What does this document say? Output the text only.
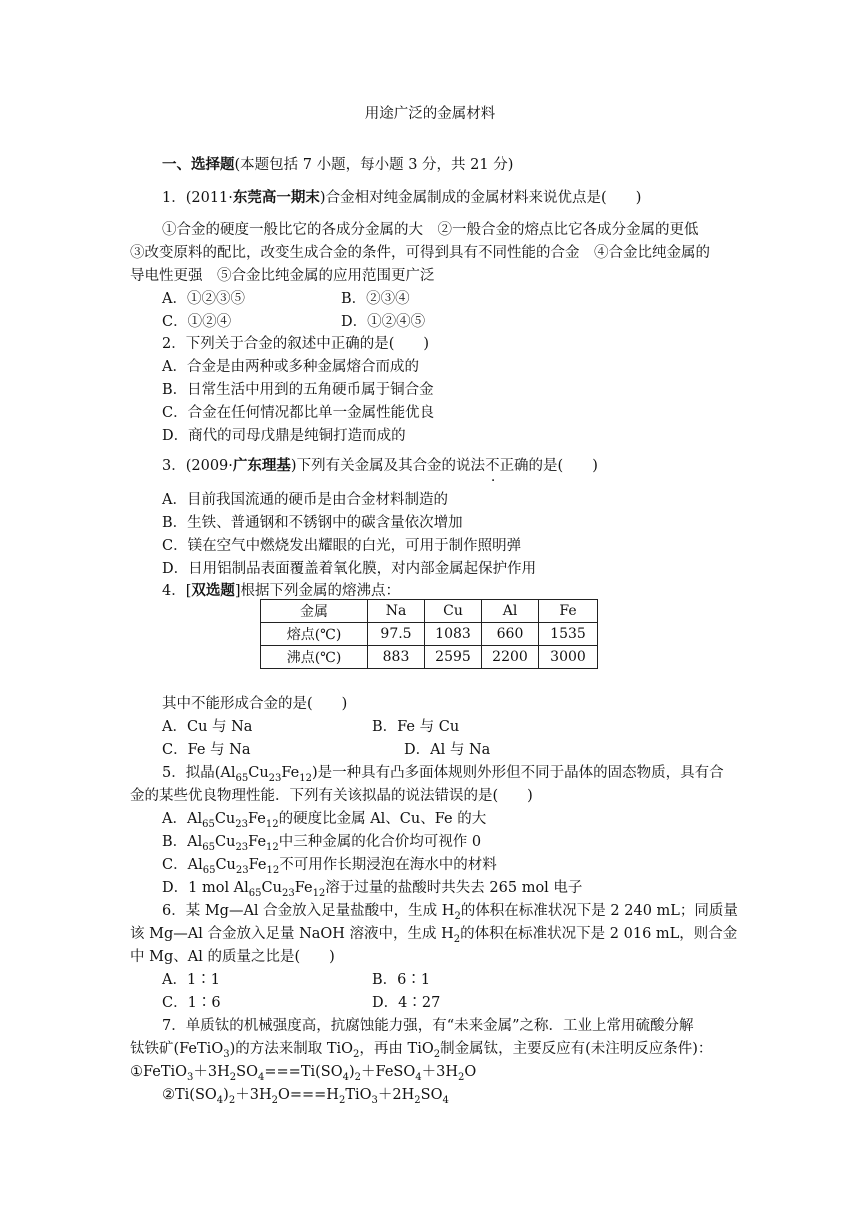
用途广泛的金属材料
一、选择题(本题包括 7 小题，每小题 3 分，共 21 分)
1．(2011·东莞高一期末)合金相对纯金属制成的金属材料来说优点是(　　)
①合金的硬度一般比它的各成分金属的大　②一般合金的熔点比它各成分金属的更低
③改变原料的配比，改变生成合金的条件，可得到具有不同性能的合金　④合金比纯金属的
导电性更强　⑤合金比纯金属的应用范围更广泛
A．①②③⑤	B．②③④
C．①②④	D．①②④⑤
2．下列关于合金的叙述中正确的是(　　)
A．合金是由两种或多种金属熔合而成的
B．日常生活中用到的五角硬币属于铜合金
C．合金在任何情况都比单一金属性能优良
D．商代的司母戊鼎是纯铜打造而成的
3．(2009·广东理基)下列有关金属及其合金的说法不正确的是(　　)
A．目前我国流通的硬币是由合金材料制造的
B．生铁、普通钢和不锈钢中的碳含量依次增加
C．镁在空气中燃烧发出耀眼的白光，可用于制作照明弹
D．日用铝制品表面覆盖着氧化膜，对内部金属起保护作用
4．[双选题]根据下列金属的熔沸点：
金属	Na	Cu	Al	Fe
熔点(℃)	97.5	1083	660	1535
沸点(℃)	883	2595	2200	3000
其中不能形成合金的是(　　)
A．Cu 与 Na	B．Fe 与 Cu
C．Fe 与 Na	D．Al 与 Na
5．拟晶$(Al_{65}Cu_{23}Fe_{12})$是一种具有凸多面体规则外形但不同于晶体的固态物质，具有合
金的某些优良物理性能．下列有关该拟晶的说法错误的是(　　)
A．$Al_{65}Cu_{23}Fe_{12}$的硬度比金属 Al、Cu、Fe 的大
B．$Al_{65}Cu_{23}Fe_{12}$中三种金属的化合价均可视作 0
C．$Al_{65}Cu_{23}Fe_{12}$不可用作长期浸泡在海水中的材料
D．1 mol $Al_{65}Cu_{23}Fe_{12}$溶于过量的盐酸时共失去 265 mol 电子
6．某 Mg—Al 合金放入足量盐酸中，生成 $H_2$的体积在标准状况下是 2 240 mL；同质量
该 Mg—Al 合金放入足量 NaOH 溶液中，生成 $H_2$的体积在标准状况下是 2 016 mL，则合金
中 Mg、Al 的质量之比是(　　)
A．1∶1	B．6∶1
C．1∶6	D．4∶27
7．单质钛的机械强度高，抗腐蚀能力强，有“未来金属”之称．工业上常用硫酸分解
钛铁矿(FeTiO$_3$)的方法来制取 TiO$_2$，再由 TiO$_2$制金属钛，主要反应有(未注明反应条件)：
$①FeTiO_3+3H_2SO_4===Ti(SO_4)_2+FeSO_4+3H_2O$
$②Ti(SO_4)_2+3H_2O===H_2TiO_3+2H_2SO_4$
